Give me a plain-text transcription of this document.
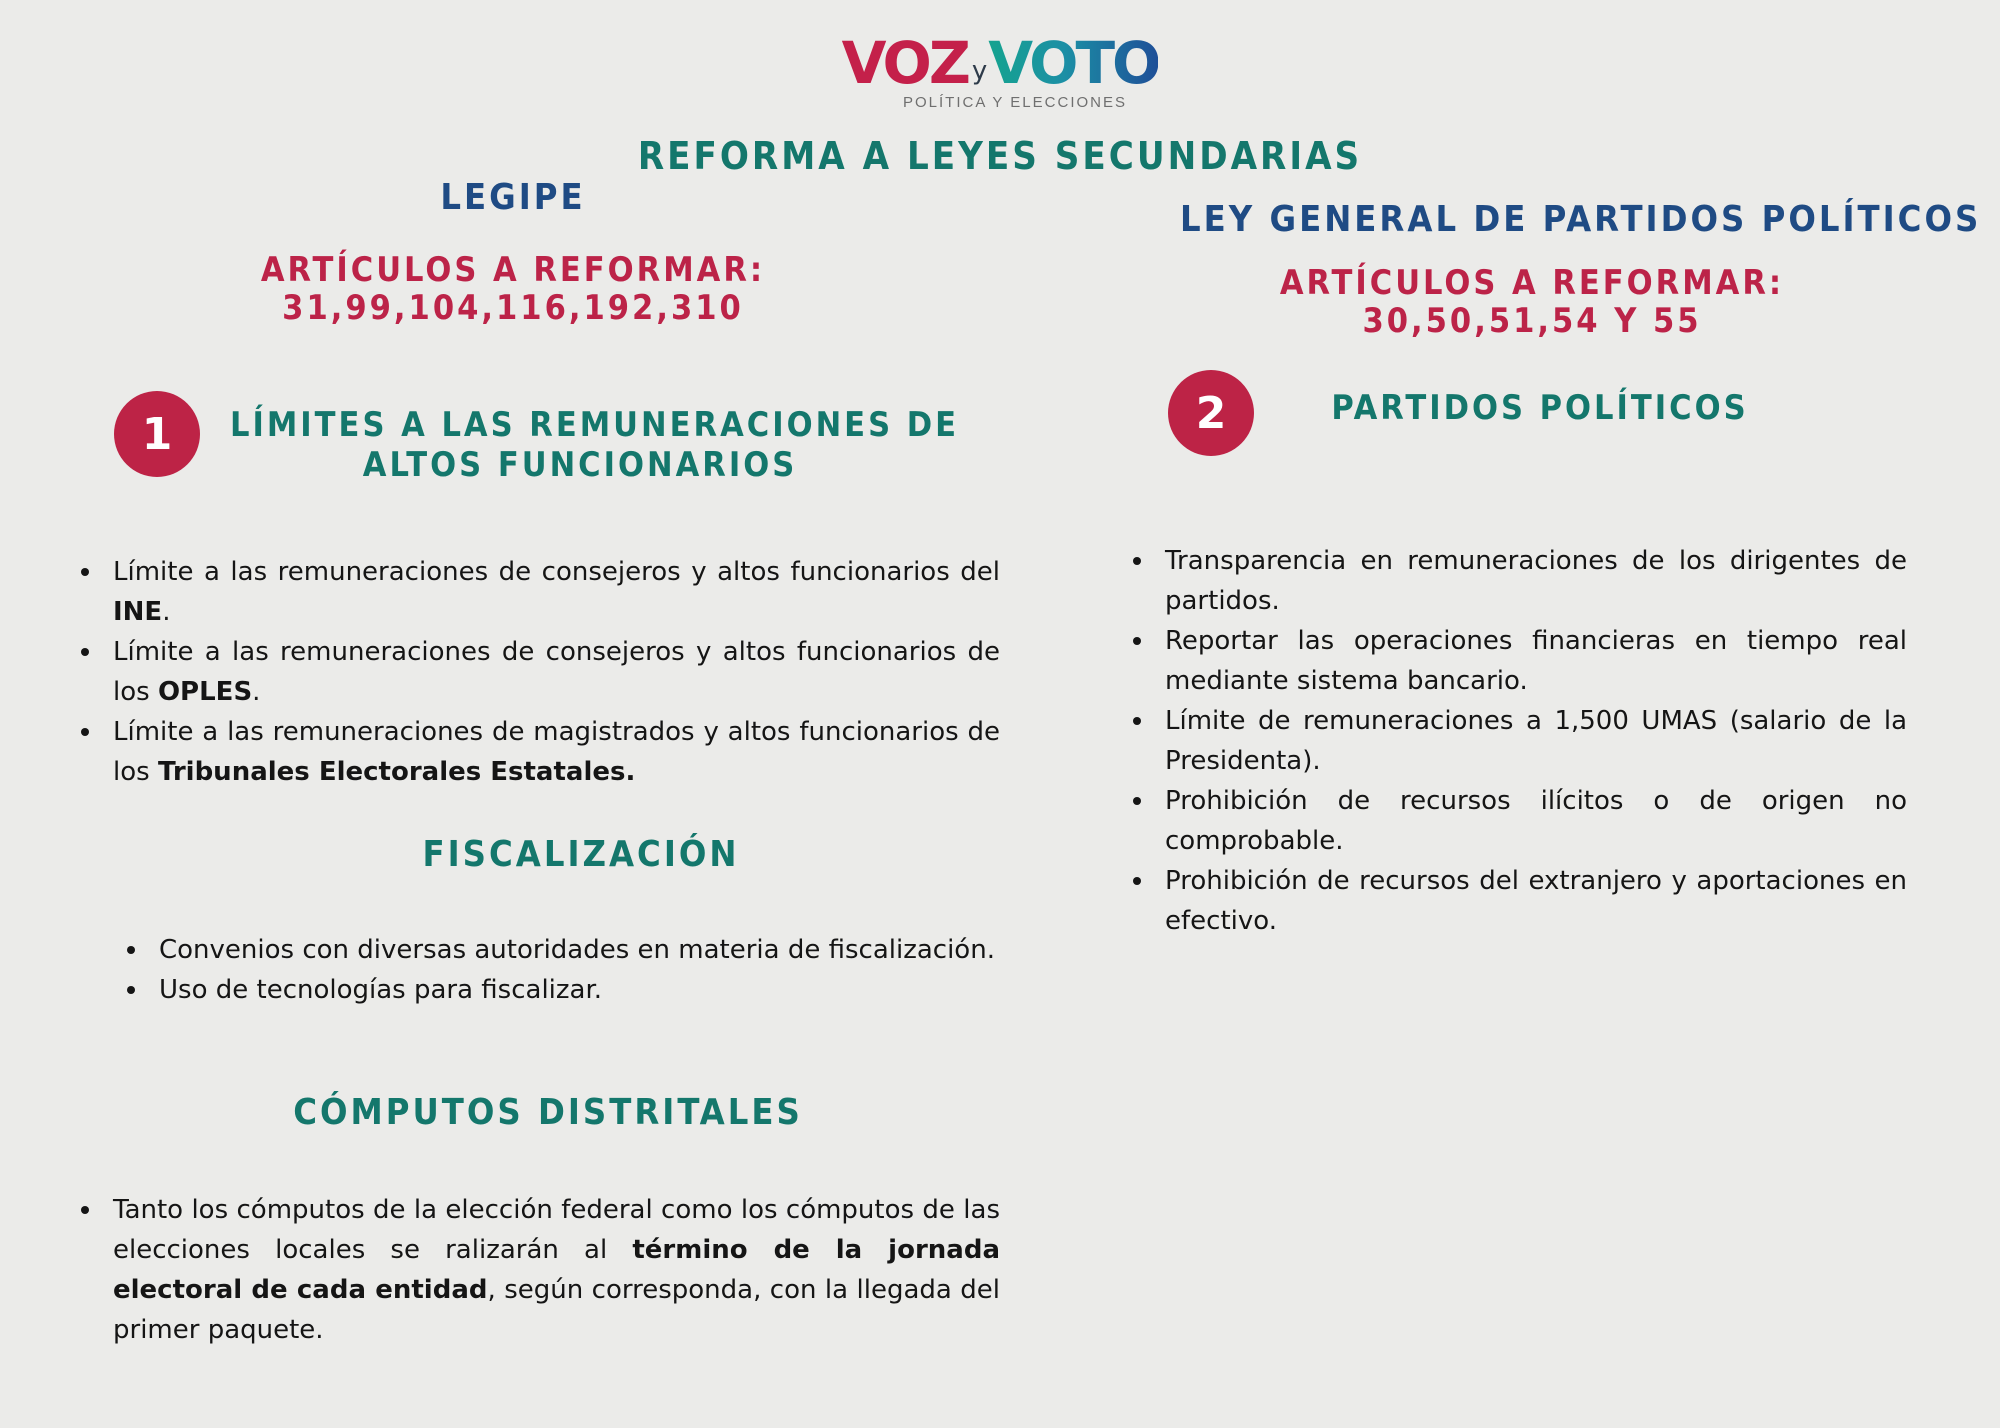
VOZ y VOTO
POLÍTICA Y ELECCIONES
REFORMA A LEYES SECUNDARIAS
LEGIPE
ARTÍCULOS A REFORMAR:
31,99,104,116,192,310
1 LÍMITES A LAS REMUNERACIONES DE
ALTOS FUNCIONARIOS
Límite a las remuneraciones de consejeros y altos funcionarios del INE.
Límite a las remuneraciones de consejeros y altos funcionarios de los OPLES.
Límite a las remuneraciones de magistrados y altos funcionarios de los Tribunales Electorales Estatales.
FISCALIZACIÓN
Convenios con diversas autoridades en materia de fiscalización.
Uso de tecnologías para fiscalizar.
CÓMPUTOS DISTRITALES
Tanto los cómputos de la elección federal como los cómputos de las elecciones locales se ralizarán al término de la jornada electoral de cada entidad, según corresponda, con la llegada del primer paquete.
LEY GENERAL DE PARTIDOS POLÍTICOS
ARTÍCULOS A REFORMAR:
30,50,51,54 Y 55
2	PARTIDOS POLÍTICOS
Transparencia en remuneraciones de los dirigentes de partidos.
Reportar las operaciones financieras en tiempo real mediante sistema bancario.
Límite de remuneraciones a 1,500 UMAS (salario de la Presidenta).
Prohibición de recursos ilícitos o de origen no comprobable.
Prohibición de recursos del extranjero y aportaciones en efectivo.
